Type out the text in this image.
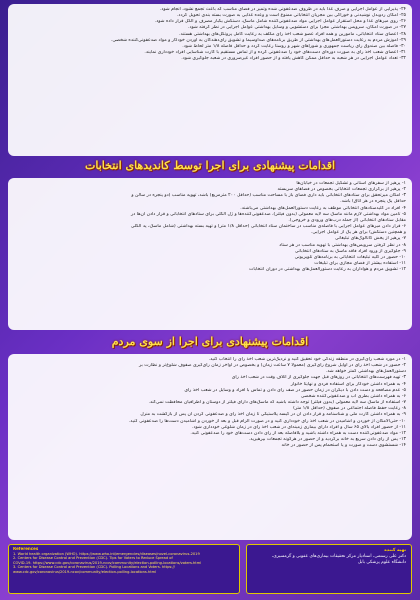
۲۴- پذیرایی از عوامل اجرایی و صرف غذا باید در ظروف ضدعفونی شده وتمیز در فضای مناسب که باعث تجمع نشود، انجام شود.

۲۵- امکان ردوبدل نوشیدنی و خوراکی بین مجریان انتخاباتی ممنوع است و وعده غذایی به صورت بسته بندی تحویل گردد.

۲۶- روی میزهای غذا و محل استقرار عوامل اجرایی مواد ضدعفونی‌کننده شامل ماسک، دستکش یکبار مصرف و الکل قرار داده شود.

۲۷- در صورت امکان، سرویس بهداشتی مجزا برای دستشویی و وسایل بهداشتی عوامل اجرایی در نظر گرفته شود.

۲۸- اعضای ستاد انتخاباتی، مأمورین و همه افراد عضو شعب اخذ رأی مکلف به رعایت کامل پروتکل‌های بهداشتی هستند.

۲۹- آموزش مردم به رعایت دستورالعمل‌های بهداشتی از طریق برنامه‌های صداوسیما و تشویق رأی‌دهندگان به آوردن خودکار و مواد ضدعفونی‌کننده شخصی.

۳۰- فاصله بین صندوق رأی ریاست جمهوری و شوراهای شهر و روستا رعایت گردد و حداقل فاصله ۱/۸ متر لحاظ شود.

۳۱- اعضای شعب اخذ رأی به صورت دوره‌ای دست‌های خود را ضدعفونی کرده و از تماس مستقیم با کارت شناسایی افراد خودداری نمایند.

۳۲- تعداد عوامل اجرایی در هر شعبه به حداقل ممکن کاهش یافته و از حضور افراد غیرضروری در شعبه جلوگیری شود.

اقدامات پیشنهادی برای اجرا توسط کاندیدهای انتخابات

۱- پرهیز از سفرهای استانی و تشکیل تجمعات در خیابان‌ها

۲- پرهیز از برگزاری تجمعات انتخاباتی بخصوص در فضاهای سربسته

۳- امکان میزتحقق برای ستادهای انتخاباتی باید داری فضای باز با مساحت مناسب (حداقل ۲۰۰ مترمربع) باشد، تهویه مناسب (دو پنجره در سالن و

حداقل یک پنجره در هر اتاق) باشد.

۴- افراد در کلیدستادهای انتخاباتی موظف به رعایت دستورالعمل‌های بهداشتی می‌باشند.

۵- تأمین مواد بهداشتی لازم مانند ماسک سه لایه معمولی (بدون فیلتر)، ضدعفونی‌کننده‌ها و ژل الکلی برای ستادهای انتخاباتی و قرار دادن آن‌ها در

مقابل ستادهای انتخاباتی (از جمله درب‌های ورودی و خروجی).

۶- قرار دادن میزهای عوامل اجرایی با فاصله‌ی مناسب در ساختمان ستاد انتخاباتی (حداقل ۱/۸ متر) و تهیه بسته بهداشتی (شامل ماسک، پد الکلی

و همچنین دستکش) برای هر یک از عوامل اجرایی.

۷- پرهیز از پخش کاتالوگ‌های تبلیغاتی

۸- در نظر گرفتن سرویس‌های بهداشتی با تهویه مناسب در هر ستاد

۹- جلوگیری از ورود افراد فاقد ماسک به ستادهای انتخاباتی

۱۰- حضور در کلیه تبلیغات انتخاباتی به برنامه‌های تلویزیونی

۱۱- استفاده بیشتر از فضای مجازی برای تبلیغات

۱۲- تشویق مردم و هواداران به رعایت دستورالعمل‌های بهداشتی در دوران انتخابات

اقدامات پیشنهادی برای اجرا از سوی مردم

۱- در مورد شعب رأی‌گیری در منطقه زندگی خود تحقیق کنید و نزدیک‌ترین شعب اخذ رأی را انتخاب کنید.

۲- حضور در شعب اخذ رأی در اوایل شروع رأی‌گیری (معمولاً ۷ ساعت زمان) و بخصوص در اواخر زمان رأی‌گیری صفوف شلوغ‌تر و نظارت بر

دستورالعمل‌های بهداشتی کمتر خواهد شد.

۳- تهیه فهرست‌های انتخاباتی در روزهای قبل جهت جلوگیری از اتلاف وقت در شعب اخذ رأی

۴- به همراه داشتن خودکار برای استفاده فردی و نهایتاً خانوار

۵- عدم مصافحه و دست دادن با دیگران در زمان حضور در صف رأی دادن و تماس با افراد و وسایل در شعب اخذ رأی

۶- به همراه داشتن بطری آب و ضدعفونی‌کننده شخصی

۷- استفاده از ماسک سه لایه معمولی (بدون فیلتر) توجه داشته باشید که ماسک‌های دارای فیلتر از دوستان و اطرافیان محافظت نمی‌کند.

۸- رعایت حفظ فاصله اجتماعی در صفوف (حداقل ۱/۸ متر)

۹- به همراه داشتن کارت ملی و شناسنامه و قرار دادن آن در کیسه پلاستیکی تا زمان اخذ رأی و ضدعفونی کردن آن پس از بازگشت به منزل

۱۰- حتی‌الامکان از خوردن و آشامیدن در شعب اخذ رأی خودداری کنید و در صورت الزام قبل و بعد از خوردن و آشامیدن دست‌ها را ضدعفونی کنید.

۱۱- از حضور افراد بالای ۶۵ سال و افراد دارای بیماری زمینه‌ای در شعب اخذ رأی در زمان شلوغی خودداری شود.

۱۲- مواد ضدعفونی‌کننده دست به همراه داشته باشید و بلافاصله بعد از رأی دادن دست‌های خود را ضدعفونی کنید.

۱۳- پس از رأی دادن سریع به خانه برگردید و از حضور در هرگونه تجمعات بپرهیزید.

۱۴- شستشوی دست و صورت و یا استحمام پس از حضور در خانه

References

1. World health organization (WHO). https://www.who.int/emergencies/diseases/novel-coronavirus-2019

2. Centers for Disease Control and Prevention (CDC). Tips for Voters to Reduce Spread of

COVID-19. https://www.cdc.gov/coronavirus/2019-ncov/community/election-polling-locations/voters.html

3. Centers for Disease Control and Prevention (CDC). Polling Locations and Voters. https://

www.cdc.gov/coronavirus/2019-ncov/community/election-polling-locations.html

تهیه کننده

دکتر علی رستمی، استادیار مرکز تحقیقات بیماری‌های عفونی و گرمسیری،

دانشگاه علوم پزشکی بابل
